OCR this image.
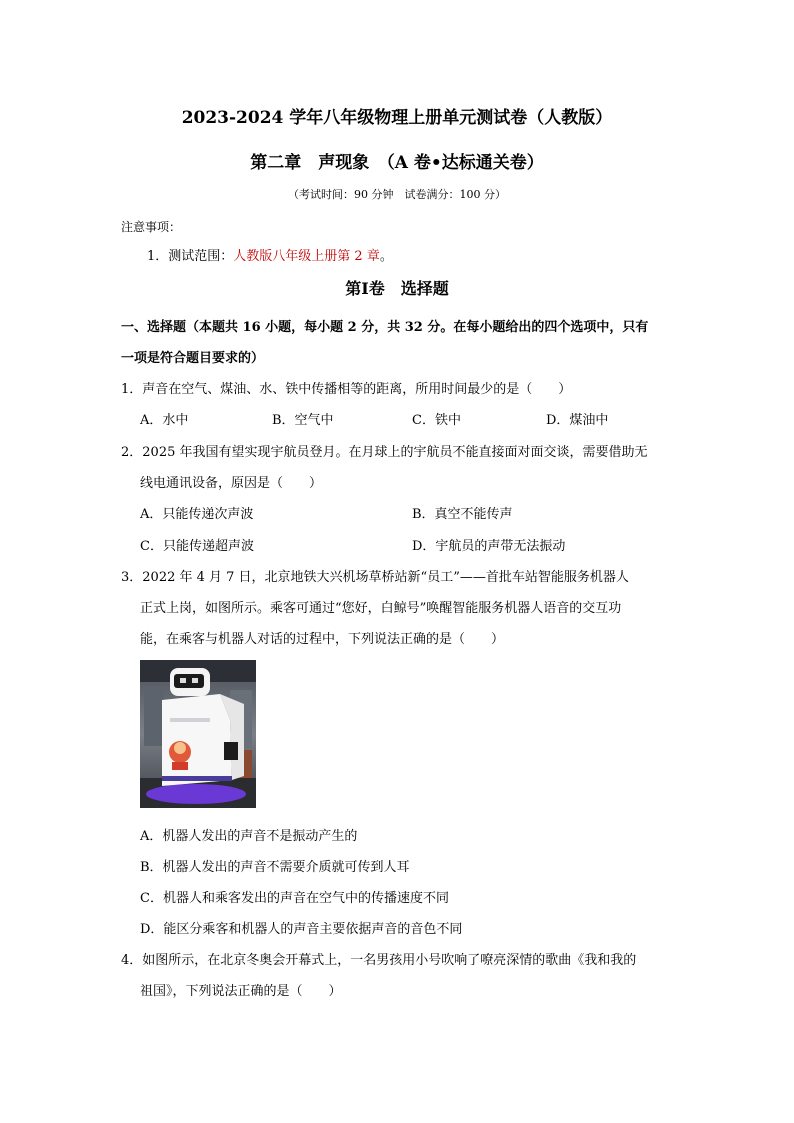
2023-2024 学年八年级物理上册单元测试卷（人教版）
第二章　声现象　（A 卷•达标通关卷）
（考试时间：90 分钟　试卷满分：100 分）
注意事项：
1．测试范围：人教版八年级上册第 2 章。
第Ⅰ卷　选择题
一、选择题（本题共 16 小题，每小题 2 分，共 32 分。在每小题给出的四个选项中，只有
一项是符合题目要求的）
1．声音在空气、煤油、水、铁中传播相等的距离，所用时间最少的是（　　）
A．水中	B．空气中	C．铁中	D．煤油中
2．2025 年我国有望实现宇航员登月。在月球上的宇航员不能直接面对面交谈，需要借助无
线电通讯设备，原因是（　　）
A．只能传递次声波	B．真空不能传声
C．只能传递超声波	D．宇航员的声带无法振动
3．2022 年 4 月 7 日，北京地铁大兴机场草桥站新“员工”——首批车站智能服务机器人
正式上岗，如图所示。乘客可通过“您好，白鲸号”唤醒智能服务机器人语音的交互功
能，在乘客与机器人对话的过程中，下列说法正确的是（　　）
A．机器人发出的声音不是振动产生的
B．机器人发出的声音不需要介质就可传到人耳
C．机器人和乘客发出的声音在空气中的传播速度不同
D．能区分乘客和机器人的声音主要依据声音的音色不同
4．如图所示，在北京冬奥会开幕式上，一名男孩用小号吹响了嘹亮深情的歌曲《我和我的
祖国》，下列说法正确的是（　　）
